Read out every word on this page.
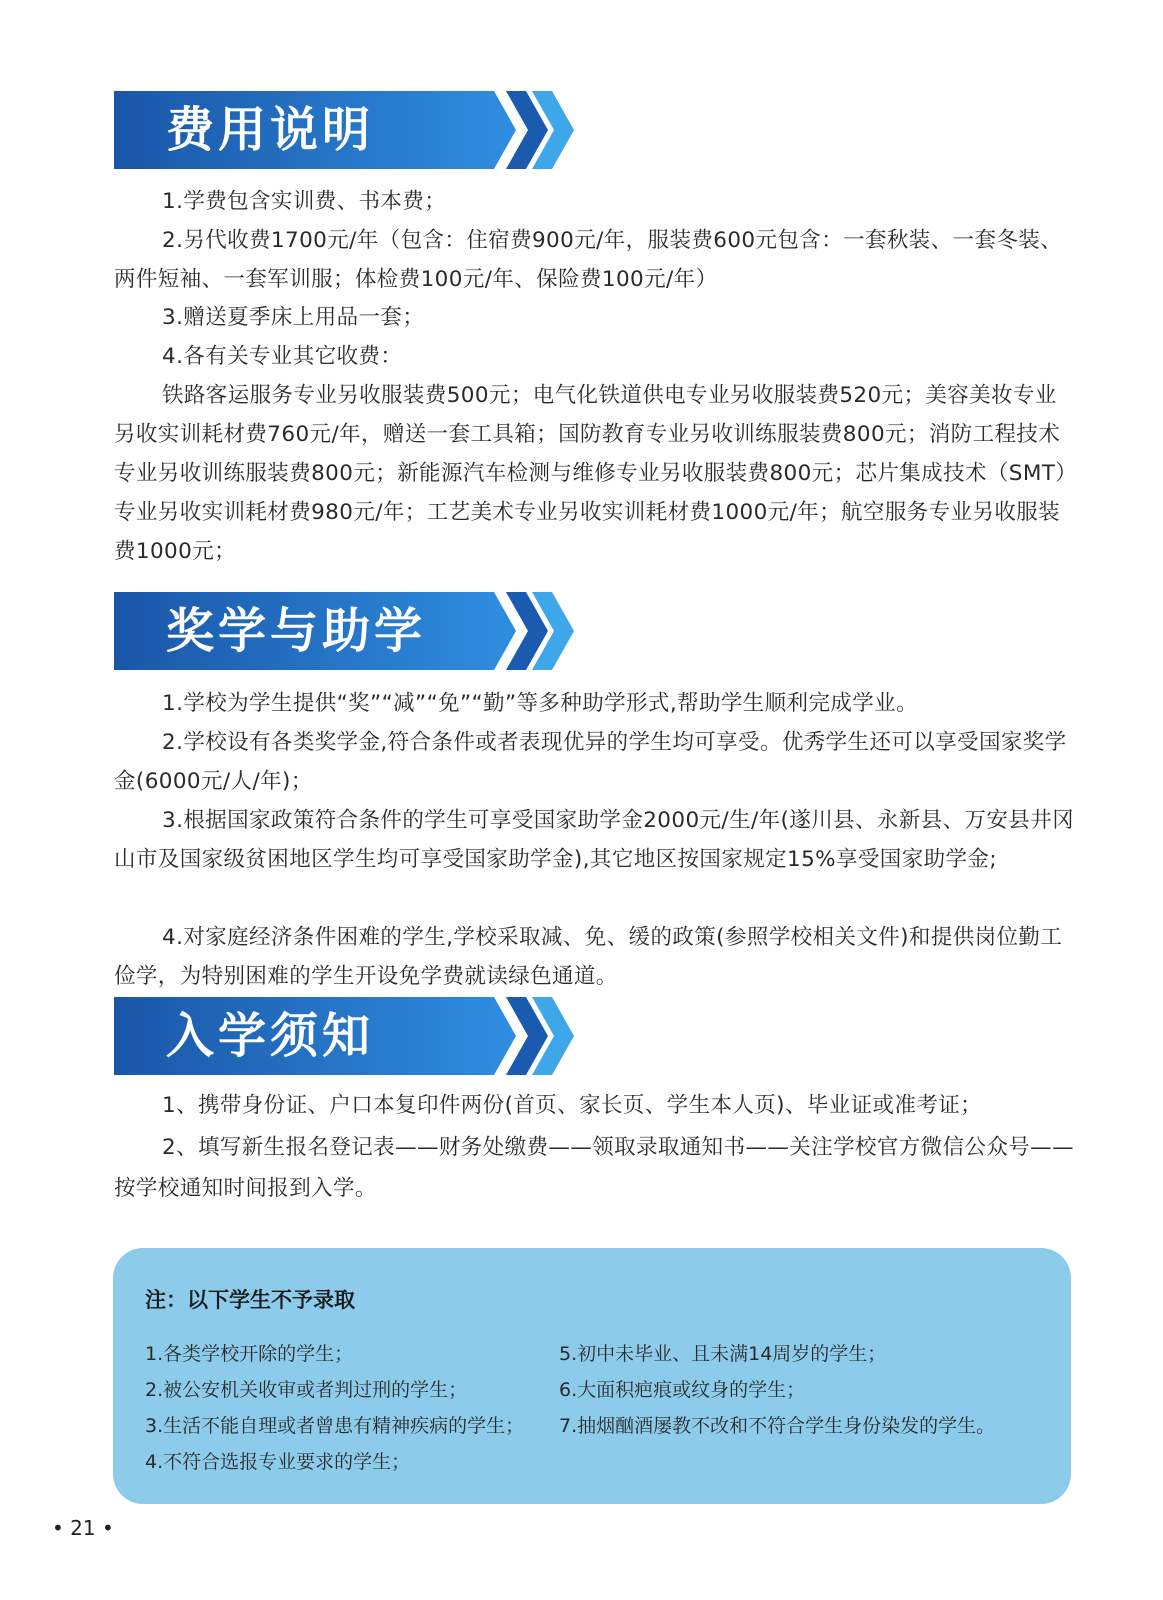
费用说明

1.学费包含实训费、书本费；

2.另代收费1700元/年（包含：住宿费900元/年，服装费600元包含：一套秋装、一套冬装、两件短袖、一套军训服；体检费100元/年、保险费100元/年）

3.赠送夏季床上用品一套；

4.各有关专业其它收费：

铁路客运服务专业另收服装费500元；电气化铁道供电专业另收服装费520元；美容美妆专业另收实训耗材费760元/年，赠送一套工具箱；国防教育专业另收训练服装费800元；消防工程技术专业另收训练服装费800元；新能源汽车检测与维修专业另收服装费800元；芯片集成技术（SMT）专业另收实训耗材费980元/年；工艺美术专业另收实训耗材费1000元/年；航空服务专业另收服装费1000元；

奖学与助学

1.学校为学生提供“奖”“减”“免”“勤”等多种助学形式,帮助学生顺利完成学业。

2.学校设有各类奖学金,符合条件或者表现优异的学生均可享受。优秀学生还可以享受国家奖学金(6000元/人/年)；

3.根据国家政策符合条件的学生可享受国家助学金2000元/生/年(遂川县、永新县、万安县井冈山市及国家级贫困地区学生均可享受国家助学金),其它地区按国家规定15%享受国家助学金;

4.对家庭经济条件困难的学生,学校采取减、免、缓的政策(参照学校相关文件)和提供岗位勤工俭学，为特别困难的学生开设免学费就读绿色通道。

入学须知

1、携带身份证、户口本复印件两份(首页、家长页、学生本人页)、毕业证或准考证；

2、填写新生报名登记表——财务处缴费——领取录取通知书——关注学校官方微信公众号——按学校通知时间报到入学。

注：以下学生不予录取
1.各类学校开除的学生；
2.被公安机关收审或者判过刑的学生；
3.生活不能自理或者曾患有精神疾病的学生；
4.不符合选报专业要求的学生；
5.初中未毕业、且未满14周岁的学生；
6.大面积疤痕或纹身的学生；
7.抽烟酗酒屡教不改和不符合学生身份染发的学生。
• 21 •
